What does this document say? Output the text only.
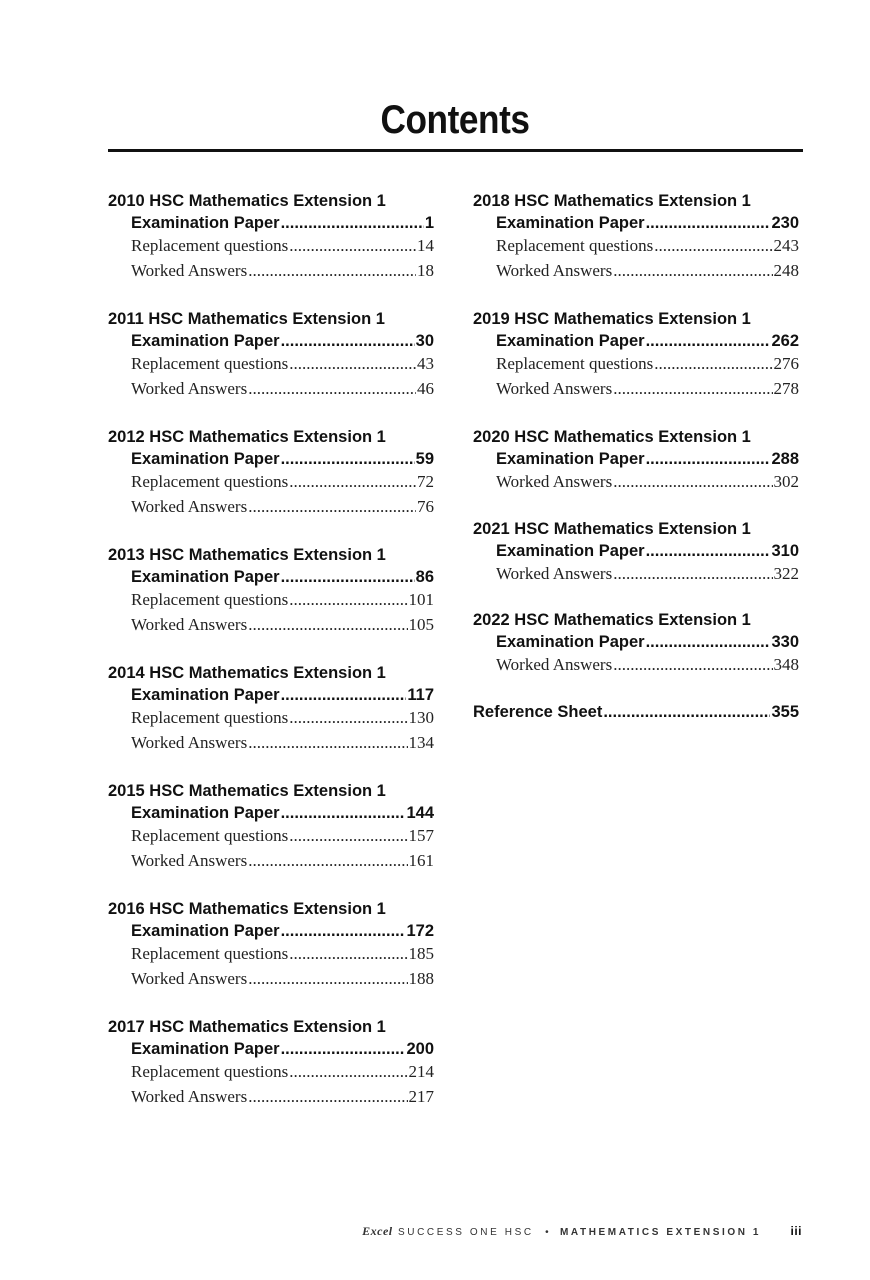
Contents
2010 HSC Mathematics Extension 1
Examination Paper .....	1
Replacement questions .....	14
Worked Answers .....	18
2011 HSC Mathematics Extension 1
Examination Paper .....	30
Replacement questions .....	43
Worked Answers .....	46
2012 HSC Mathematics Extension 1
Examination Paper .....	59
Replacement questions .....	72
Worked Answers .....	76
2013 HSC Mathematics Extension 1
Examination Paper .....	86
Replacement questions .....	101
Worked Answers .....	105
2014 HSC Mathematics Extension 1
Examination Paper .....	117
Replacement questions .....	130
Worked Answers .....	134
2015 HSC Mathematics Extension 1
Examination Paper .....	144
Replacement questions .....	157
Worked Answers .....	161
2016 HSC Mathematics Extension 1
Examination Paper .....	172
Replacement questions .....	185
Worked Answers .....	188
2017 HSC Mathematics Extension 1
Examination Paper .....	200
Replacement questions .....	214
Worked Answers .....	217
2018 HSC Mathematics Extension 1
Examination Paper .....	230
Replacement questions .....	243
Worked Answers .....	248
2019 HSC Mathematics Extension 1
Examination Paper .....	262
Replacement questions .....	276
Worked Answers .....	278
2020 HSC Mathematics Extension 1
Examination Paper .....	288
Worked Answers .....	302
2021 HSC Mathematics Extension 1
Examination Paper .....	310
Worked Answers .....	322
2022 HSC Mathematics Extension 1
Examination Paper .....	330
Worked Answers .....	348
Reference Sheet .....	355
Excel SUCCESS ONE HSC • MATHEMATICS EXTENSION 1 iii
